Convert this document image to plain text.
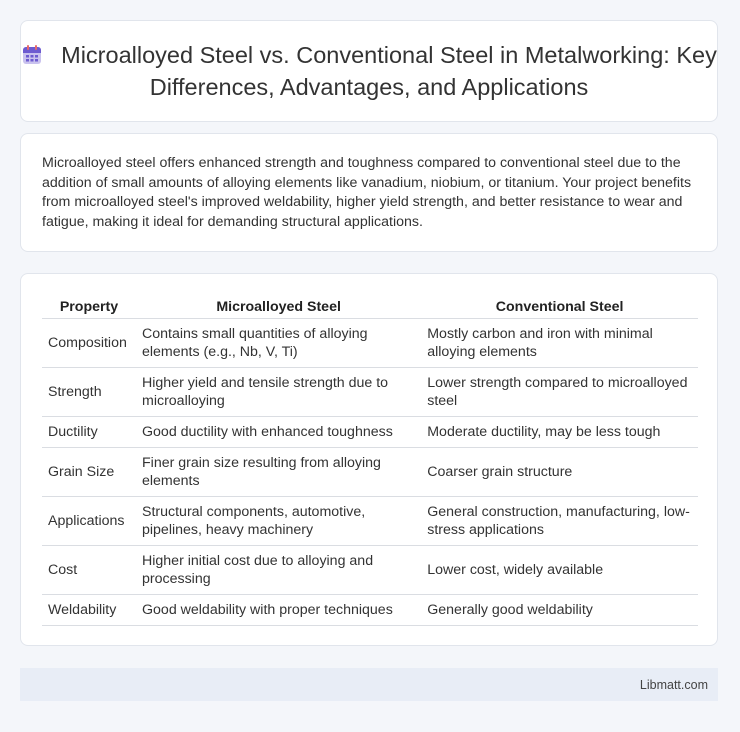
Microalloyed Steel vs. Conventional Steel in Metalworking: Key Differences, Advantages, and Applications

Microalloyed steel offers enhanced strength and toughness compared to conventional steel due to the addition of small amounts of alloying elements like vanadium, niobium, or titanium. Your project benefits from microalloyed steel's improved weldability, higher yield strength, and better resistance to wear and fatigue, making it ideal for demanding structural applications.

Property	Microalloyed Steel	Conventional Steel
Composition	Contains small quantities of alloying elements (e.g., Nb, V, Ti)	Mostly carbon and iron with minimal alloying elements
Strength	Higher yield and tensile strength due to microalloying	Lower strength compared to microalloyed steel
Ductility	Good ductility with enhanced toughness	Moderate ductility, may be less tough
Grain Size	Finer grain size resulting from alloying elements	Coarser grain structure
Applications	Structural components, automotive, pipelines, heavy machinery	General construction, manufacturing, low-stress applications
Cost	Higher initial cost due to alloying and processing	Lower cost, widely available
Weldability	Good weldability with proper techniques	Generally good weldability
Libmatt.com
